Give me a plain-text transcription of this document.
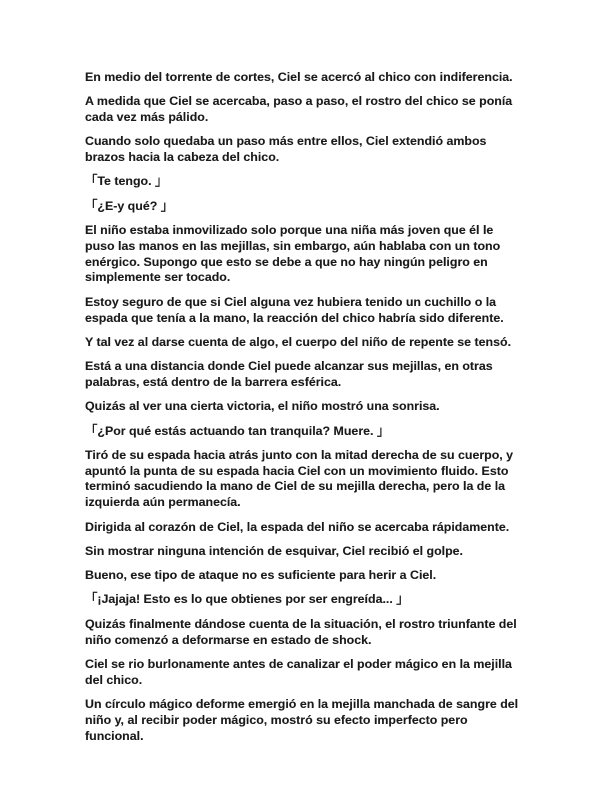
En medio del torrente de cortes, Ciel se acercó al chico con indiferencia.

A medida que Ciel se acercaba, paso a paso, el rostro del chico se ponía cada vez más pálido.

Cuando solo quedaba un paso más entre ellos, Ciel extendió ambos brazos hacia la cabeza del chico.

「Te tengo. 」

「¿E-y qué? 」

El niño estaba inmovilizado solo porque una niña más joven que él le puso las manos en las mejillas, sin embargo, aún hablaba con un tono enérgico. Supongo que esto se debe a que no hay ningún peligro en simplemente ser tocado.

Estoy seguro de que si Ciel alguna vez hubiera tenido un cuchillo o la espada que tenía a la mano, la reacción del chico habría sido diferente.

Y tal vez al darse cuenta de algo, el cuerpo del niño de repente se tensó.

Está a una distancia donde Ciel puede alcanzar sus mejillas, en otras palabras, está dentro de la barrera esférica.

Quizás al ver una cierta victoria, el niño mostró una sonrisa.

「¿Por qué estás actuando tan tranquila? Muere. 」

Tiró de su espada hacia atrás junto con la mitad derecha de su cuerpo, y apuntó la punta de su espada hacia Ciel con un movimiento fluido. Esto terminó sacudiendo la mano de Ciel de su mejilla derecha, pero la de la izquierda aún permanecía.

Dirigida al corazón de Ciel, la espada del niño se acercaba rápidamente.

Sin mostrar ninguna intención de esquivar, Ciel recibió el golpe.

Bueno, ese tipo de ataque no es suficiente para herir a Ciel.

「¡Jajaja! Esto es lo que obtienes por ser engreída... 」

Quizás finalmente dándose cuenta de la situación, el rostro triunfante del niño comenzó a deformarse en estado de shock.

Ciel se rio burlonamente antes de canalizar el poder mágico en la mejilla del chico.

Un círculo mágico deforme emergió en la mejilla manchada de sangre del niño y, al recibir poder mágico, mostró su efecto imperfecto pero funcional.
